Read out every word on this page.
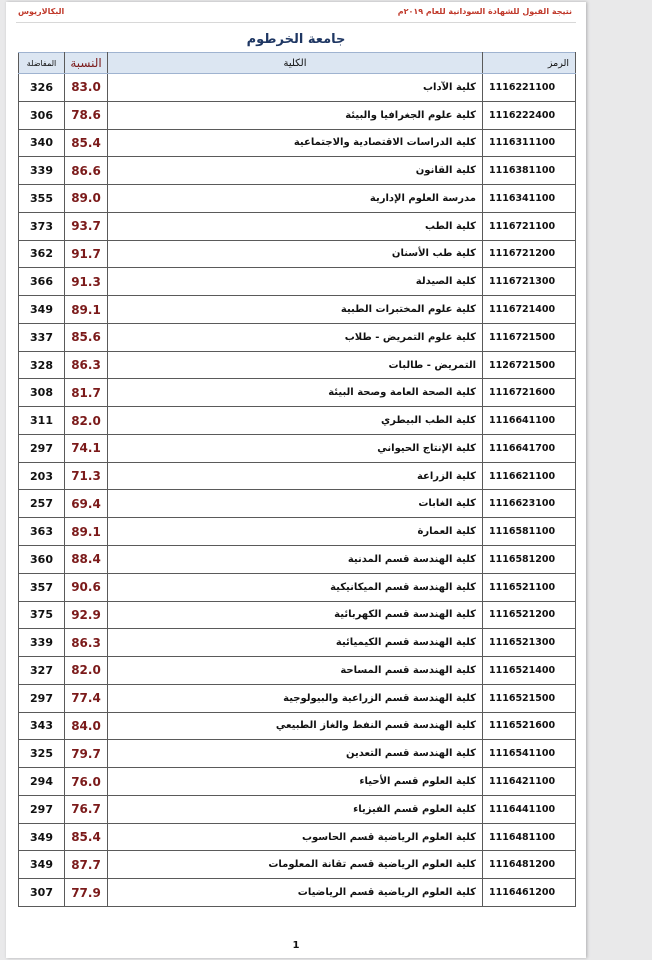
البكالاريوس	نتيجة القبول للشهادة السودانية للعام ٢٠١٩م
جامعة الخرطوم
المفاضلة	النسبة	الكلية	الرمز
326	83.0	كلية الآداب	1116221100
306	78.6	كلية علوم الجغرافيا والبيئة	1116222400
340	85.4	كلية الدراسات الاقتصادية والاجتماعية	1116311100
339	86.6	كلية القانون	1116381100
355	89.0	مدرسة العلوم الإدارية	1116341100
373	93.7	كلية الطب	1116721100
362	91.7	كلية طب الأسنان	1116721200
366	91.3	كلية الصيدلة	1116721300
349	89.1	كلية علوم المختبرات الطبية	1116721400
337	85.6	كلية علوم التمريض - طلاب	1116721500
328	86.3	التمريض - طالبات	1126721500
308	81.7	كلية الصحة العامة وصحة البيئة	1116721600
311	82.0	كلية الطب البيطري	1116641100
297	74.1	كلية الإنتاج الحيواني	1116641700
203	71.3	كلية الزراعة	1116621100
257	69.4	كلية الغابات	1116623100
363	89.1	كلية العمارة	1116581100
360	88.4	كلية الهندسة قسم المدنية	1116581200
357	90.6	كلية الهندسة قسم الميكانيكية	1116521100
375	92.9	كلية الهندسة قسم الكهربائية	1116521200
339	86.3	كلية الهندسة قسم الكيميائية	1116521300
327	82.0	كلية الهندسة قسم المساحة	1116521400
297	77.4	كلية الهندسة قسم الزراعية والبيولوجية	1116521500
343	84.0	كلية الهندسة قسم النفط والغاز الطبيعي	1116521600
325	79.7	كلية الهندسة قسم التعدين	1116541100
294	76.0	كلية العلوم قسم الأحياء	1116421100
297	76.7	كلية العلوم قسم الفيزياء	1116441100
349	85.4	كلية العلوم الرياضية قسم الحاسوب	1116481100
349	87.7	كلية العلوم الرياضية قسم تقانة المعلومات	1116481200
307	77.9	كلية العلوم الرياضية قسم الرياضيات	1116461200
1
